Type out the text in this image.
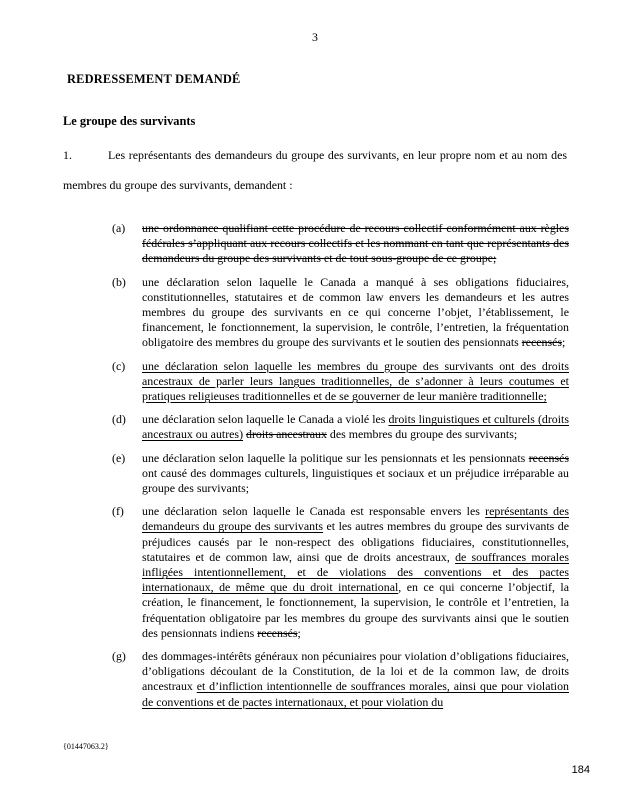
3
REDRESSEMENT DEMANDÉ
Le groupe des survivants

1.	Les représentants des demandeurs du groupe des survivants, en leur propre nom et au nom des membres du groupe des survivants, demandent :

(a)	une ordonnance qualifiant cette procédure de recours collectif conformément aux règles fédérales s’appliquant aux recours collectifs et les nommant en tant que représentants des demandeurs du groupe des survivants et de tout sous-groupe de ce groupe;
(b)	une déclaration selon laquelle le Canada a manqué à ses obligations fiduciaires, constitutionnelles, statutaires et de common law envers les demandeurs et les autres membres du groupe des survivants en ce qui concerne l’objet, l’établissement, le financement, le fonctionnement, la supervision, le contrôle, l’entretien, la fréquentation obligatoire des membres du groupe des survivants et le soutien des pensionnats recensés;
(c)	une déclaration selon laquelle les membres du groupe des survivants ont des droits ancestraux de parler leurs langues traditionnelles, de s’adonner à leurs coutumes et pratiques religieuses traditionnelles et de se gouverner de leur manière traditionnelle;
(d)	une déclaration selon laquelle le Canada a violé les droits linguistiques et culturels (droits ancestraux ou autres) droits ancestraux des membres du groupe des survivants;
(e)	une déclaration selon laquelle la politique sur les pensionnats et les pensionnats recensés ont causé des dommages culturels, linguistiques et sociaux et un préjudice irréparable au groupe des survivants;
(f)	une déclaration selon laquelle le Canada est responsable envers les représentants des demandeurs du groupe des survivants et les autres membres du groupe des survivants de préjudices causés par le non-respect des obligations fiduciaires, constitutionnelles, statutaires et de common law, ainsi que de droits ancestraux, de souffrances morales infligées intentionnellement, et de violations des conventions et des pactes internationaux, de même que du droit international, en ce qui concerne l’objectif, la création, le financement, le fonctionnement, la supervision, le contrôle et l’entretien, la fréquentation obligatoire par les membres du groupe des survivants ainsi que le soutien des pensionnats indiens recensés;
(g)	des dommages-intérêts généraux non pécuniaires pour violation d’obligations fiduciaires, d’obligations découlant de la Constitution, de la loi et de la common law, de droits ancestraux et d’infliction intentionnelle de souffrances morales, ainsi que pour violation de conventions et de pactes internationaux, et pour violation du
{01447063.2}
184
